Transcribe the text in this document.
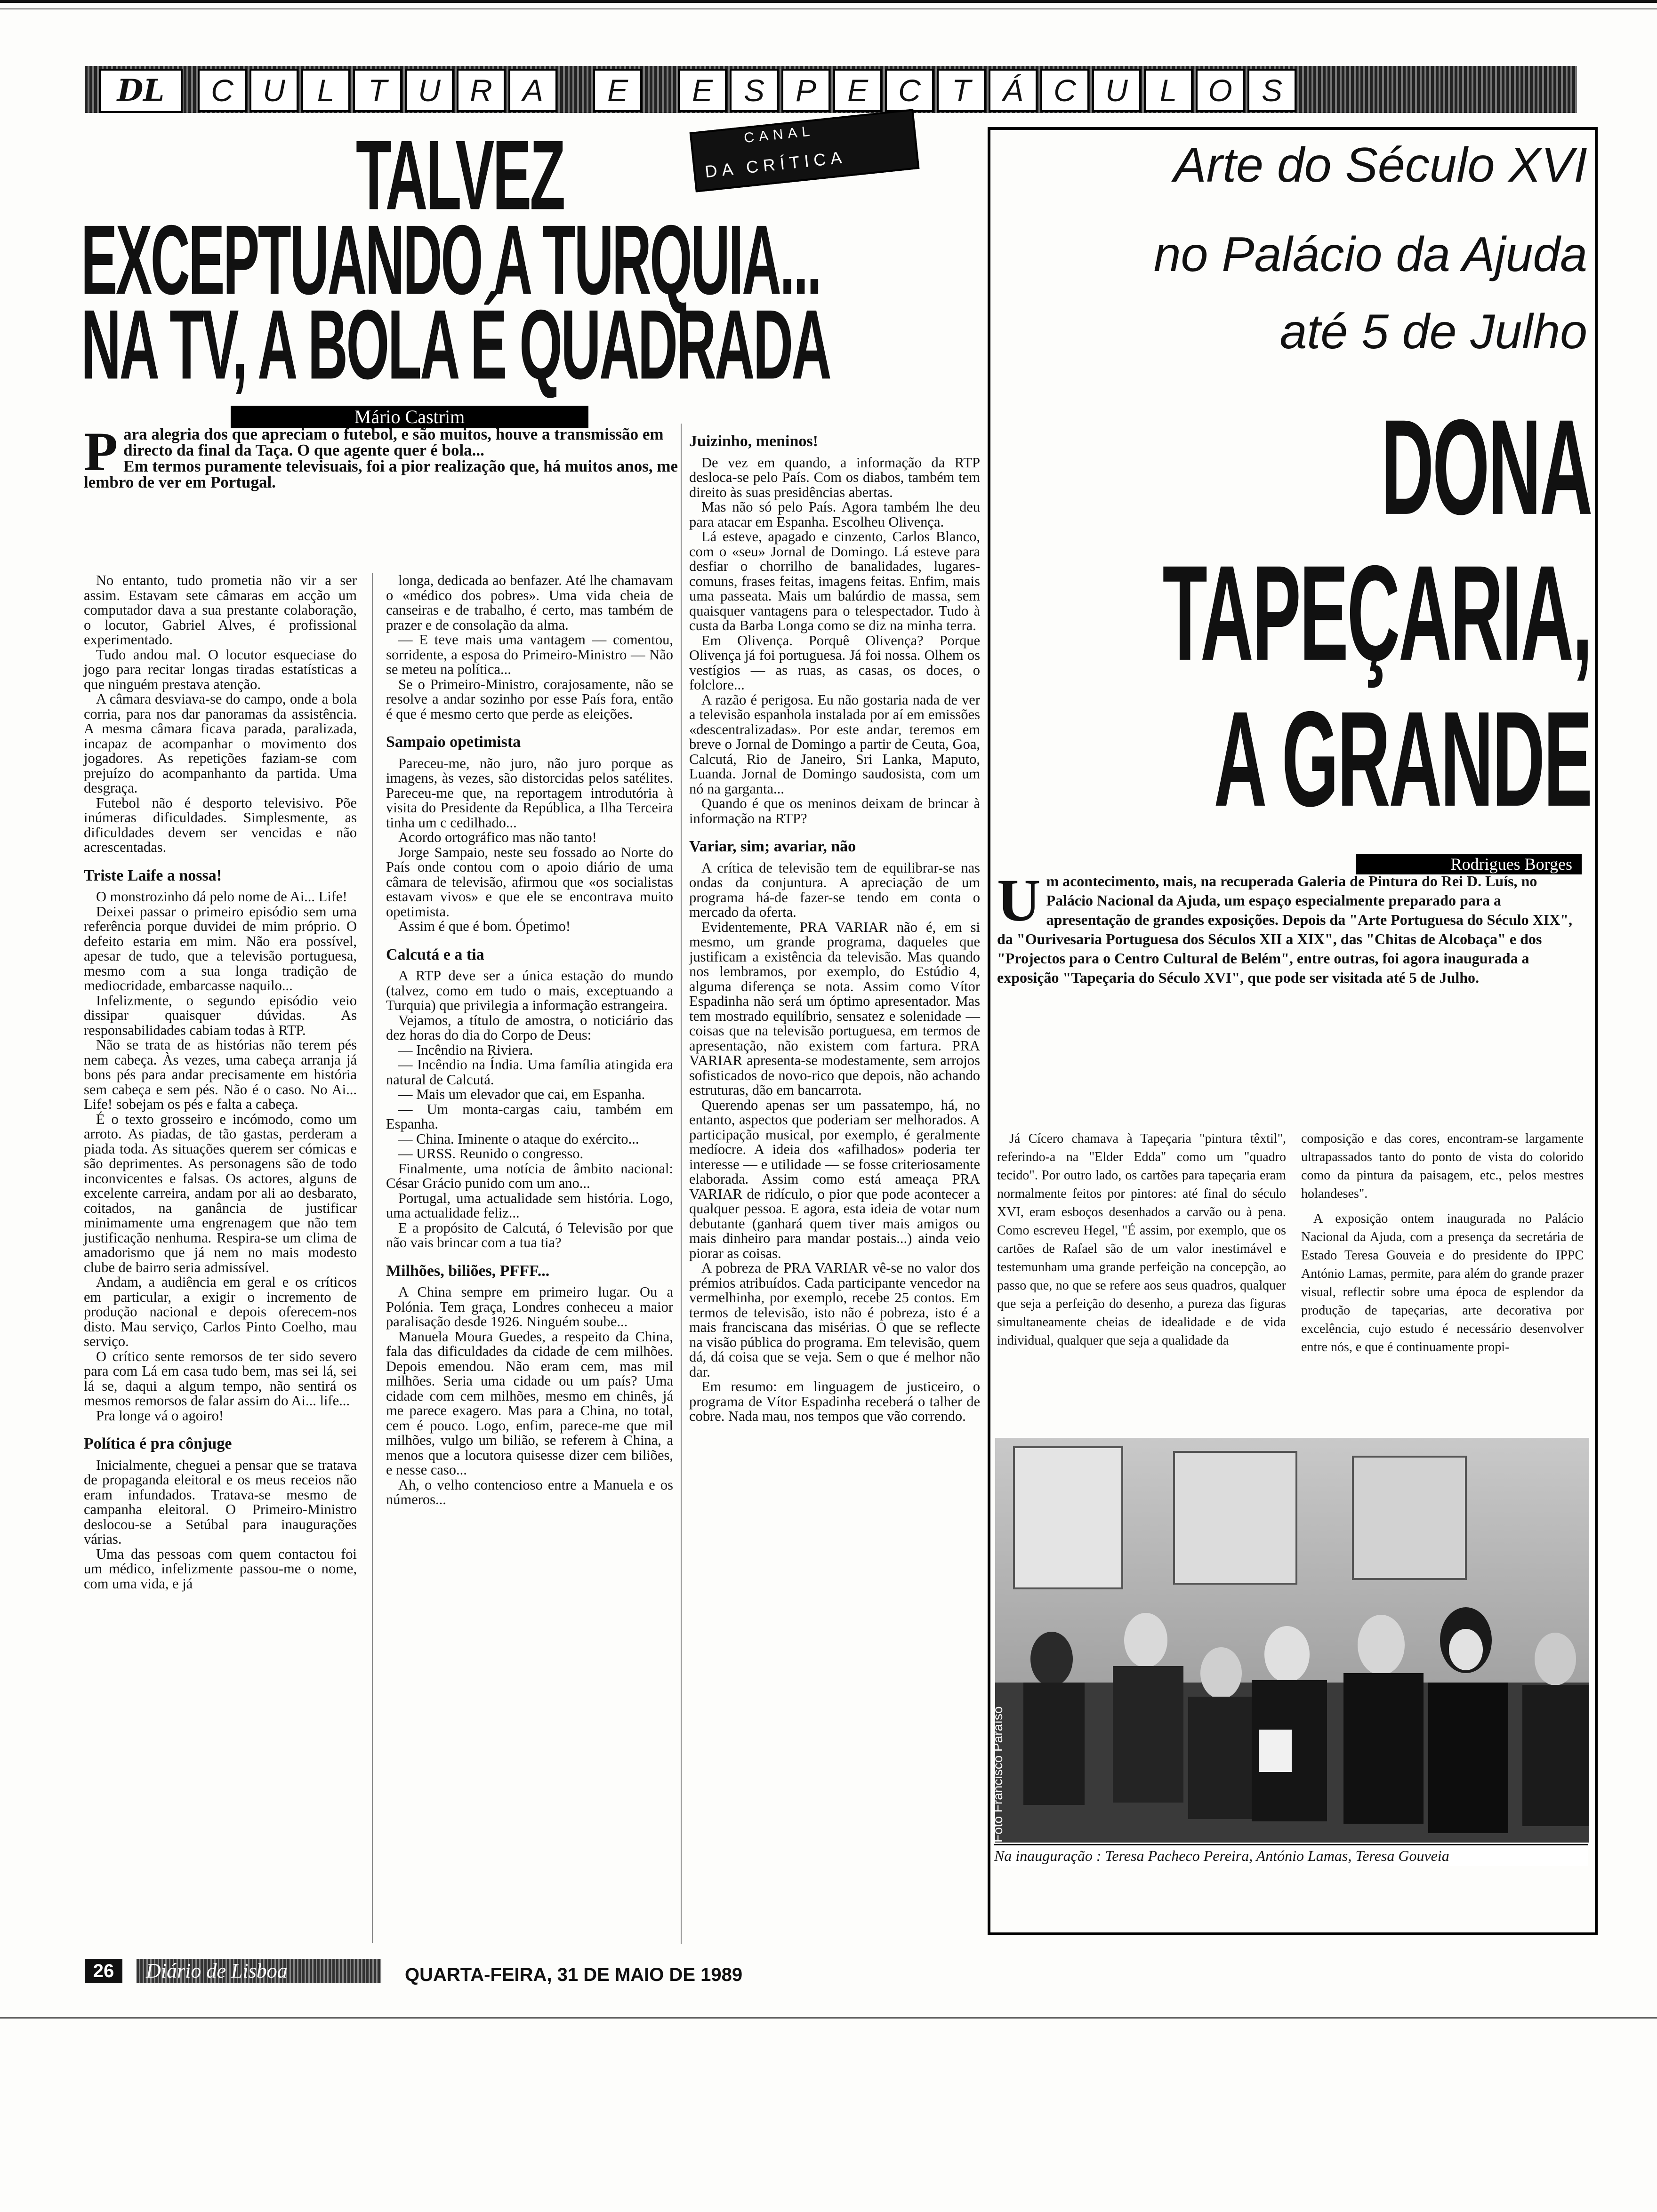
DL	C U	L	T	U R A	E	E S P E C	T	Á C U	L O S
TALVEZ
EXCEPTUANDO A TURQUIA...
NA TV, A BOLA É QUADRADA
CANAL
DA CRÍTICA
Mário Castrim
P ara alegria dos que apreciam o futebol, e são muitos, houve a transmissão em directo da final da Taça. O que agente quer é bola...
Em termos puramente televisuais, foi a pior realização que, há muitos anos, me lembro de ver em Portugal.

No entanto, tudo prometia não vir a ser assim. Estavam sete câmaras em acção um computador dava a sua prestante colaboração, o locutor, Gabriel Alves, é profissional experimentado.

Tudo andou mal. O locutor esqueciase do jogo para recitar longas tiradas estatísticas a que ninguém prestava atenção.

A câmara desviava-se do campo, onde a bola corria, para nos dar panoramas da assistência. A mesma câmara ficava parada, paralizada, incapaz de acompanhar o movimento dos jogadores. As repetições faziam-se com prejuízo do acompanhanto da partida. Uma desgraça.

Futebol não é desporto televisivo. Põe inúmeras dificuldades. Simplesmente, as dificuldades devem ser vencidas e não acrescentadas.

Triste Laife a nossa!

O monstrozinho dá pelo nome de Ai... Life!

Deixei passar o primeiro episódio sem uma referência porque duvidei de mim próprio. O defeito estaria em mim. Não era possível, apesar de tudo, que a televisão portuguesa, mesmo com a sua longa tradição de mediocridade, embarcasse naquilo...

Infelizmente, o segundo episódio veio dissipar quaisquer dúvidas. As responsabilidades cabiam todas à RTP.

Não se trata de as histórias não terem pés nem cabeça. Às vezes, uma cabeça arranja já bons pés para andar precisamente em história sem cabeça e sem pés. Não é o caso. No Ai... Life! sobejam os pés e falta a cabeça.

É o texto grosseiro e incómodo, como um arroto. As piadas, de tão gastas, perderam a piada toda. As situações querem ser cómicas e são deprimentes. As personagens são de todo inconvicentes e falsas. Os actores, alguns de excelente carreira, andam por ali ao desbarato, coitados, na ganância de justificar minimamente uma engrenagem que não tem justificação nenhuma. Respira-se um clima de amadorismo que já nem no mais modesto clube de bairro seria admissível.

Andam, a audiência em geral e os críticos em particular, a exigir o incremento de produção nacional e depois oferecem-nos disto. Mau serviço, Carlos Pinto Coelho, mau serviço.

O crítico sente remorsos de ter sido severo para com Lá em casa tudo bem, mas sei lá, sei lá se, daqui a algum tempo, não sentirá os mesmos remorsos de falar assim do Ai... life...

Pra longe vá o agoiro!

Política é pra cônjuge

Inicialmente, cheguei a pensar que se tratava de propaganda eleitoral e os meus receios não eram infundados. Tratava-se mesmo de campanha eleitoral. O Primeiro-Ministro deslocou-se a Setúbal para inaugurações várias.

Uma das pessoas com quem contactou foi um médico, infelizmente passou-me o nome, com uma vida, e já

longa, dedicada ao benfazer. Até lhe chamavam o «médico dos pobres». Uma vida cheia de canseiras e de trabalho, é certo, mas também de prazer e de consolação da alma.

— E teve mais uma vantagem — comentou, sorridente, a esposa do Primeiro-Ministro — Não se meteu na política...

Se o Primeiro-Ministro, corajosamente, não se resolve a andar sozinho por esse País fora, então é que é mesmo certo que perde as eleições.

Sampaio opetimista

Pareceu-me, não juro, não juro porque as imagens, às vezes, são distorcidas pelos satélites. Pareceu-me que, na reportagem introdutória à visita do Presidente da República, a Ilha Terceira tinha um c cedilhado...

Acordo ortográfico mas não tanto!

Jorge Sampaio, neste seu fossado ao Norte do País onde contou com o apoio diário de uma câmara de televisão, afirmou que «os socialistas estavam vivos» e que ele se encontrava muito opetimista.

Assim é que é bom. Ópetimo!

Calcutá e a tia

A RTP deve ser a única estação do mundo (talvez, como em tudo o mais, exceptuando a Turquia) que privilegia a informação estrangeira.

Vejamos, a título de amostra, o noticiário das dez horas do dia do Corpo de Deus:

— Incêndio na Riviera.

— Incêndio na Índia. Uma família atingida era natural de Calcutá.

— Mais um elevador que cai, em Espanha.

— Um monta-cargas caiu, também em Espanha.

— China. Iminente o ataque do exército...

— URSS. Reunido o congresso.

Finalmente, uma notícia de âmbito nacional: César Grácio punido com um ano...

Portugal, uma actualidade sem história. Logo, uma actualidade feliz...

E a propósito de Calcutá, ó Televisão por que não vais brincar com a tua tia?

Milhões, biliões, PFFF...

A China sempre em primeiro lugar. Ou a Polónia. Tem graça, Londres conheceu a maior paralisação desde 1926. Ninguém soube...

Manuela Moura Guedes, a respeito da China, fala das dificuldades da cidade de cem milhões. Depois emendou. Não eram cem, mas mil milhões. Seria uma cidade ou um país? Uma cidade com cem milhões, mesmo em chinês, já me parece exagero. Mas para a China, no total, cem é pouco. Logo, enfim, parece-me que mil milhões, vulgo um bilião, se referem à China, a menos que a locutora quisesse dizer cem biliões, e nesse caso...

Ah, o velho contencioso entre a Manuela e os números...

Juizinho, meninos!

De vez em quando, a informação da RTP desloca-se pelo País. Com os diabos, também tem direito às suas presidências abertas.

Mas não só pelo País. Agora também lhe deu para atacar em Espanha. Escolheu Olivença.

Lá esteve, apagado e cinzento, Carlos Blanco, com o «seu» Jornal de Domingo. Lá esteve para desfiar o chorrilho de banalidades, lugares-comuns, frases feitas, imagens feitas. Enfim, mais uma passeata. Mais um balúrdio de massa, sem quaisquer vantagens para o telespectador. Tudo à custa da Barba Longa como se diz na minha terra.

Em Olivença. Porquê Olivença? Porque Olivença já foi portuguesa. Já foi nossa. Olhem os vestígios — as ruas, as casas, os doces, o folclore...

A razão é perigosa. Eu não gostaria nada de ver a televisão espanhola instalada por aí em emissões «descentralizadas». Por este andar, teremos em breve o Jornal de Domingo a partir de Ceuta, Goa, Calcutá, Rio de Janeiro, Sri Lanka, Maputo, Luanda. Jornal de Domingo saudosista, com um nó na garganta...

Quando é que os meninos deixam de brincar à informação na RTP?

Variar, sim; avariar, não

A crítica de televisão tem de equilibrar-se nas ondas da conjuntura. A apreciação de um programa há-de fazer-se tendo em conta o mercado da oferta.

Evidentemente, PRA VARIAR não é, em si mesmo, um grande programa, daqueles que justificam a existência da televisão. Mas quando nos lembramos, por exemplo, do Estúdio 4, alguma diferença se nota. Assim como Vítor Espadinha não será um óptimo apresentador. Mas tem mostrado equilíbrio, sensatez e solenidade — coisas que na televisão portuguesa, em termos de apresentação, não existem com fartura. PRA VARIAR apresenta-se modestamente, sem arrojos sofisticados de novo-rico que depois, não achando estruturas, dão em bancarrota.

Querendo apenas ser um passatempo, há, no entanto, aspectos que poderiam ser melhorados. A participação musical, por exemplo, é geralmente medíocre. A ideia dos «afilhados» poderia ter interesse — e utilidade — se fosse criteriosamente elaborada. Assim como está ameaça PRA VARIAR de ridículo, o pior que pode acontecer a qualquer pessoa. E agora, esta ideia de votar num debutante (ganhará quem tiver mais amigos ou mais dinheiro para mandar postais...) ainda veio piorar as coisas.

A pobreza de PRA VARIAR vê-se no valor dos prémios atribuídos. Cada participante vencedor na vermelhinha, por exemplo, recebe 25 contos. Em termos de televisão, isto não é pobreza, isto é a mais franciscana das misérias. O que se reflecte na visão pública do programa. Em televisão, quem dá, dá coisa que se veja. Sem o que é melhor não dar.

Em resumo: em linguagem de justiceiro, o programa de Vítor Espadinha receberá o talher de cobre. Nada mau, nos tempos que vão correndo.

Arte do Século XVI
no Palácio da Ajuda
até 5 de Julho
DONA
TAPEÇARIA,
A GRANDE
Rodrigues Borges
U m acontecimento, mais, na recuperada Galeria de Pintura do Rei D. Luís, no Palácio Nacional da Ajuda, um espaço especialmente preparado para a apresentação de grandes exposições. Depois da "Arte Portuguesa do Século XIX", da "Ourivesaria Portuguesa dos Séculos XII a XIX", das "Chitas de Alcobaça" e dos "Projectos para o Centro Cultural de Belém", entre outras, foi agora inaugurada a exposição "Tapeçaria do Século XVI", que pode ser visitada até 5 de Julho.

Já Cícero chamava à Tapeçaria "pintura têxtil", referindo-a na "Elder Edda" como um "quadro tecido". Por outro lado, os cartões para tapeçaria eram normalmente feitos por pintores: até final do século XVI, eram esboços desenhados a carvão ou à pena. Como escreveu Hegel, "É assim, por exemplo, que os cartões de Rafael são de um valor inestimável e testemunham uma grande perfeição na concepção, ao passo que, no que se refere aos seus quadros, qualquer que seja a perfeição do desenho, a pureza das figuras simultaneamente cheias de idealidade e de vida individual, qualquer que seja a qualidade da

composição e das cores, encontram-se largamente ultrapassados tanto do ponto de vista do colorido como da pintura da paisagem, etc., pelos mestres holandeses".

A exposição ontem inaugurada no Palácio Nacional da Ajuda, com a presença da secretária de Estado Teresa Gouveia e do presidente do IPPC António Lamas, permite, para além do grande prazer visual, reflectir sobre uma época de esplendor da produção de tapeçarias, arte decorativa por excelência, cujo estudo é necessário desenvolver entre nós, e que é continuamente propi-

Foto Francisco Paraíso
Na inauguração : Teresa Pacheco Pereira, António Lamas, Teresa Gouveia
26	Diário de Lisboa	QUARTA-FEIRA, 31 DE MAIO DE 1989
